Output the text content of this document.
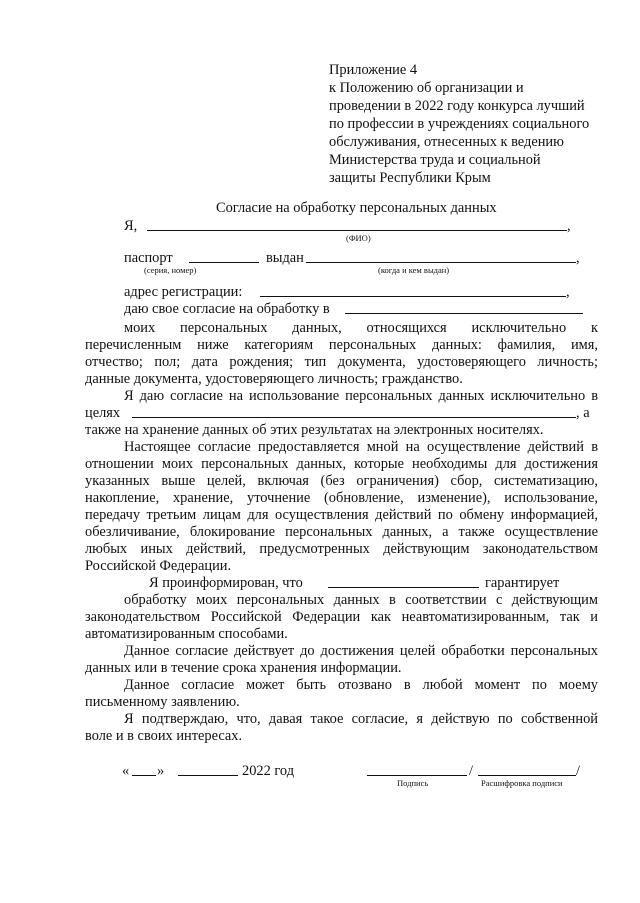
Приложение 4
к Положению об организации и
проведении в 2022 году конкурса лучший
по профессии в учреждениях социального
обслуживания, отнесенных к ведению
Министерства труда и социальной
защиты Республики Крым
Согласие на обработку персональных данных
Я,	,
(ФИО)
паспорт	выдан	,
(серия, номер)	(когда и кем выдан)
адрес регистрации:	,
даю свое согласие на обработку в
моих персональных данных, относящихся исключительно к
перечисленным ниже категориям персональных данных: фамилия, имя,
отчество; пол; дата рождения; тип документа, удостоверяющего личность;
данные документа, удостоверяющего личность; гражданство.
Я даю согласие на использование персональных данных исключительно в
целях	, а
также на хранение данных об этих результатах на электронных носителях.
Настоящее согласие предоставляется мной на осуществление действий в
отношении моих персональных данных, которые необходимы для достижения
указанных выше целей, включая (без ограничения) сбор, систематизацию,
накопление, хранение, уточнение (обновление, изменение), использование,
передачу третьим лицам для осуществления действий по обмену информацией,
обезличивание, блокирование персональных данных, а также осуществление
любых иных действий, предусмотренных действующим законодательством
Российской Федерации.
Я проинформирован, что	гарантирует
обработку моих персональных данных в соответствии с действующим
законодательством Российской Федерации как неавтоматизированным, так и
автоматизированным способами.
Данное согласие действует до достижения целей обработки персональных
данных или в течение срока хранения информации.
Данное согласие может быть отозвано в любой момент по моему
письменному заявлению.
Я подтверждаю, что, давая такое согласие, я действую по собственной
воле и в своих интересах.
« »	2022 год	/	/
Подпись	Расшифровка подписи
